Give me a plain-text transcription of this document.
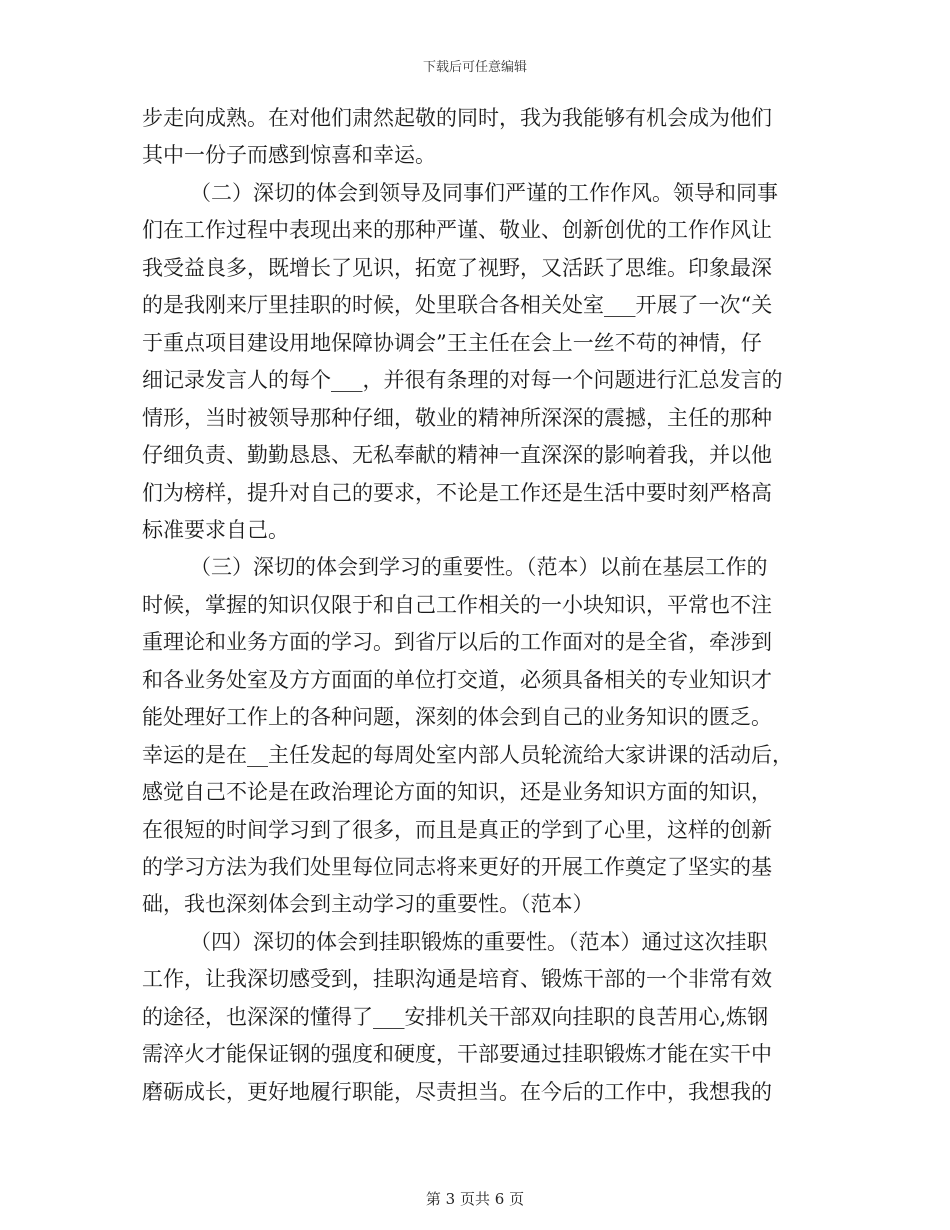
下载后可任意编辑
步走向成熟。在对他们肃然起敬的同时，我为我能够有机会成为他们
其中一份子而感到惊喜和幸运。
（二）深切的体会到领导及同事们严谨的工作作风。领导和同事
们在工作过程中表现出来的那种严谨、敬业、创新创优的工作作风让
我受益良多，既增长了见识，拓宽了视野，又活跃了思维。印象最深
的是我刚来厅里挂职的时候，处里联合各相关处室___开展了一次“关
于重点项目建设用地保障协调会”王主任在会上一丝不苟的神情，仔
细记录发言人的每个___，并很有条理的对每一个问题进行汇总发言的
情形，当时被领导那种仔细，敬业的精神所深深的震撼，主任的那种
仔细负责、勤勤恳恳、无私奉献的精神一直深深的影响着我，并以他
们为榜样，提升对自己的要求，不论是工作还是生活中要时刻严格高
标准要求自己。
（三）深切的体会到学习的重要性。（范本）以前在基层工作的
时候，掌握的知识仅限于和自己工作相关的一小块知识，平常也不注
重理论和业务方面的学习。到省厅以后的工作面对的是全省，牵涉到
和各业务处室及方方面面的单位打交道，必须具备相关的专业知识才
能处理好工作上的各种问题，深刻的体会到自己的业务知识的匮乏。
幸运的是在__主任发起的每周处室内部人员轮流给大家讲课的活动后，
感觉自己不论是在政治理论方面的知识，还是业务知识方面的知识，
在很短的时间学习到了很多，而且是真正的学到了心里，这样的创新
的学习方法为我们处里每位同志将来更好的开展工作奠定了坚实的基
础，我也深刻体会到主动学习的重要性。（范本）
（四）深切的体会到挂职锻炼的重要性。（范本）通过这次挂职
工作，让我深切感受到，挂职沟通是培育、锻炼干部的一个非常有效
的途径，也深深的懂得了___安排机关干部双向挂职的良苦用心,炼钢
需淬火才能保证钢的强度和硬度，干部要通过挂职锻炼才能在实干中
磨砺成长，更好地履行职能，尽责担当。在今后的工作中，我想我的
第 3 页共 6 页
